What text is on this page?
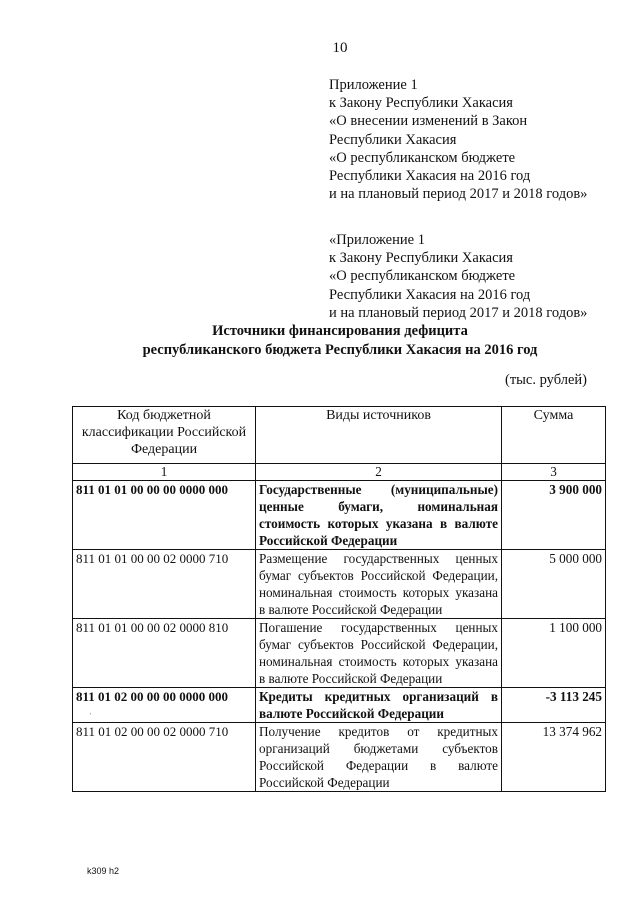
10
Приложение 1
к Закону Республики Хакасия
«О внесении изменений в Закон
Республики Хакасия
«О республиканском бюджете
Республики Хакасия на 2016 год
и на плановый период 2017 и 2018 годов»
«Приложение 1
к Закону Республики Хакасия
«О республиканском бюджете
Республики Хакасия на 2016 год
и на плановый период 2017 и 2018 годов»
Источники финансирования дефицита
республиканского бюджета Республики Хакасия на 2016 год
(тыс. рублей)
Код бюджетной классификации Российской Федерации	Виды источников	Сумма
1	2	3
811 01 01 00 00 00 0000 000	Государственные (муниципальные) ценные бумаги, номинальная стоимость которых указана в валюте Российской Федерации	3 900 000
811 01 01 00 00 02 0000 710	Размещение государственных ценных бумаг субъектов Российской Федерации, номинальная стоимость которых указана в валюте Российской Федерации	5 000 000
811 01 01 00 00 02 0000 810	Погашение государственных ценных бумаг субъектов Российской Федерации, номинальная стоимость которых указана в валюте Российской Федерации	1 100 000
811 01 02 00 00 00 0000 000	Кредиты кредитных организаций в валюте Российской Федерации	-3 113 245
811 01 02 00 00 02 0000 710	Получение кредитов от кредитных организаций бюджетами субъектов Российской Федерации в валюте Российской Федерации	13 374 962
ˈ
k309 h2
